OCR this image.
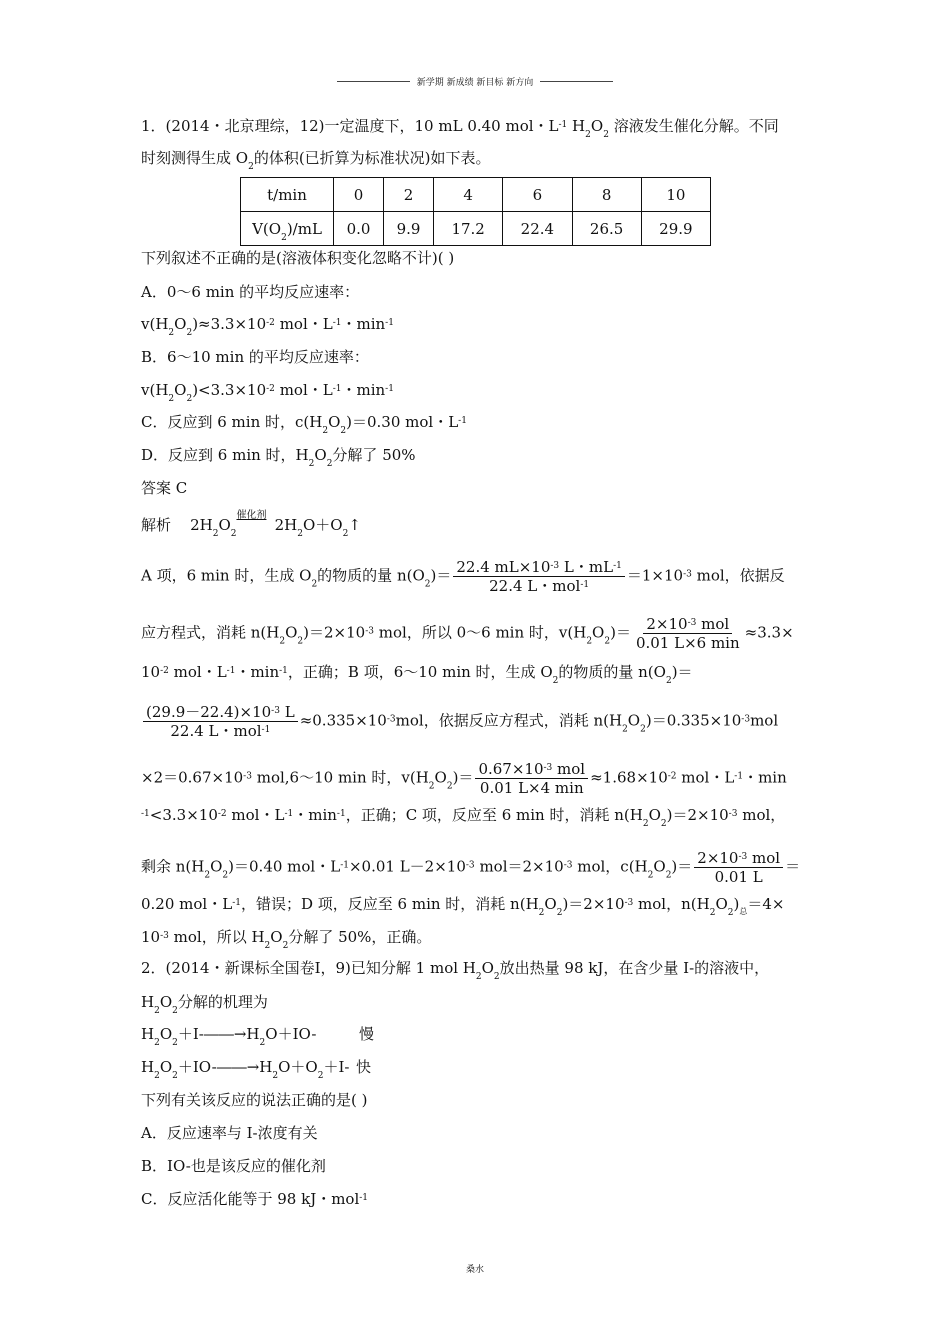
新学期 新成绩 新目标 新方向
1．(2014・北京理综，12)一定温度下，10 mL 0.40 mol・$L^{-1}$ $H_2O_2$ 溶液发生催化分解。不同
时刻测得生成 $O_2$的体积(已折算为标准状况)如下表。
t/min	0	2	4	6	8	10
$V(O_2)/mL$	0.0	9.9	17.2	22.4	26.5	29.9
下列叙述不正确的是(溶液体积变化忽略不计)( )
A．0～6 min 的平均反应速率：
$v(H_2O_2)\approx 3.3\times 10^{-2}$ mol・$L^{-1}$・$\min^{-1}$
B．6～10 min 的平均反应速率：
$v(H_2O_2)<3.3\times 10^{-2}$ mol・$L^{-1}$・$\min^{-1}$
C．反应到 6 min 时，$c(H_2O_2)=0.30$ mol・$L^{-1}$
D．反应到 6 min 时，$H_2O_2$分解了 50%
答案 C
解析    $2H_2O_2$
催化剂
$2H_2O+O_2↑$
A 项，6 min 时，生成 $O_2$的物质的量 $n(O_2)= \frac{22.4 mL\times 10^{-3} L・mL^{-1}}{22.4 L・mol^{-1}} =1\times 10^{-3}$ mol，依据反
应方程式，消耗 $n(H_2O_2)=2\times 10^{-3}$ mol，所以 0～6 min 时，$v(H_2O_2)= \frac{2\times 10^{-3} mol}{0.01 L\times 6 \min} \approx 3.3\times$
$10^{-2}$ mol・$L^{-1}$・$\min^{-1}$，正确；B 项，6～10 min 时，生成 $O_2$的物质的量 $n(O_2)=$
$\frac{(29.9-22.4)\times 10^{-3} L}{22.4 L・mol^{-1}} \approx 0.335\times 10^{-3}mol$，依据反应方程式，消耗 $n(H_2O_2)=0.335\times 10^{-3}mol$
$\times 2=0.67\times 10^{-3}$ mol,6～10 min 时，$v(H_2O_2)= \frac{0.67\times 10^{-3} mol}{0.01 L\times 4 \min} \approx 1.68\times 10^{-2}$ mol・$L^{-1}$・min
$^{-1}<3.3\times 10^{-2}$ mol・$L^{-1}$・$\min^{-1}$，正确；C 项，反应至 6 min 时，消耗 $n(H_2O_2)=2\times 10^{-3}$ mol，
剩余 $n(H_2O_2)=0.40$ mol・$L^{-1}\times 0.01$ $L-2\times 10^{-3}$ $mol=2\times 10^{-3}$ mol，$c(H_2O_2)= \frac{2\times 10^{-3} mol}{0.01 L}$ ＝
0.20 mol・$L^{-1}$，错误；D 项，反应至 6 min 时，消耗 $n(H_2O_2)=2\times 10^{-3}$ mol，$n(H_2O_2)_总=4\times$
$10^{-3}$ mol，所以 $H_2O_2$分解了 50%，正确。
2．(2014・新课标全国卷Ⅰ，9)已知分解 1 mol $H_2O_2$放出热量 98 kJ，在含少量 I-的溶液中，
$H_2O_2$分解的机理为
$H_2O_2+I-――\to H_2O+IO-$	慢
$H_2O_2+IO-――\to H_2O+O_2+I-$ 快
下列有关该反应的说法正确的是( )
A．反应速率与 I-浓度有关
B．IO-也是该反应的催化剂
C．反应活化能等于 98 kJ・mol$^{-1}$
桑水
